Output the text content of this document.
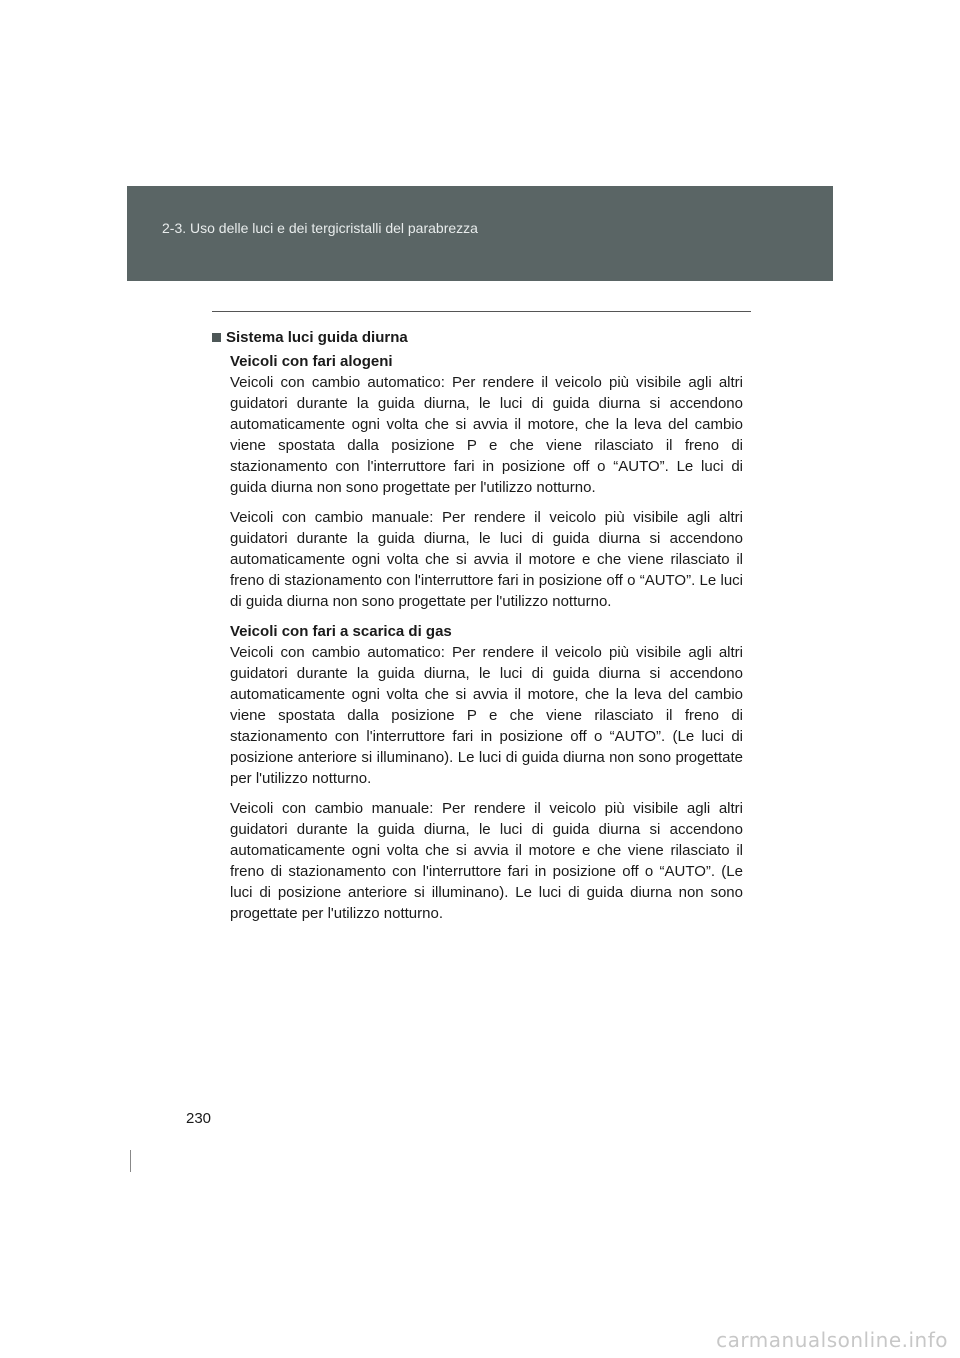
2-3. Uso delle luci e dei tergicristalli del parabrezza
Sistema luci guida diurna

Veicoli con fari alogeni

Veicoli con cambio automatico: Per rendere il veicolo più visibile agli altri guidatori durante la guida diurna, le luci di guida diurna si accendono automaticamente ogni volta che si avvia il motore, che la leva del cambio viene spostata dalla posizione P e che viene rilasciato il freno di stazionamento con l'interruttore fari in posizione off o “AUTO”. Le luci di guida diurna non sono progettate per l'utilizzo notturno.

Veicoli con cambio manuale: Per rendere il veicolo più visibile agli altri guidatori durante la guida diurna, le luci di guida diurna si accendono automaticamente ogni volta che si avvia il motore e che viene rilasciato il freno di stazionamento con l'interruttore fari in posizione off o “AUTO”. Le luci di guida diurna non sono progettate per l'utilizzo notturno.

Veicoli con fari a scarica di gas

Veicoli con cambio automatico: Per rendere il veicolo più visibile agli altri guidatori durante la guida diurna, le luci di guida diurna si accendono automaticamente ogni volta che si avvia il motore, che la leva del cambio viene spostata dalla posizione P e che viene rilasciato il freno di stazionamento con l'interruttore fari in posizione off o “AUTO”. (Le luci di posizione anteriore si illuminano). Le luci di guida diurna non sono progettate per l'utilizzo notturno.

Veicoli con cambio manuale: Per rendere il veicolo più visibile agli altri guidatori durante la guida diurna, le luci di guida diurna si accendono automaticamente ogni volta che si avvia il motore e che viene rilasciato il freno di stazionamento con l'interruttore fari in posizione off o “AUTO”. (Le luci di posizione anteriore si illuminano). Le luci di guida diurna non sono progettate per l'utilizzo notturno.

230
carmanualsonline.info
